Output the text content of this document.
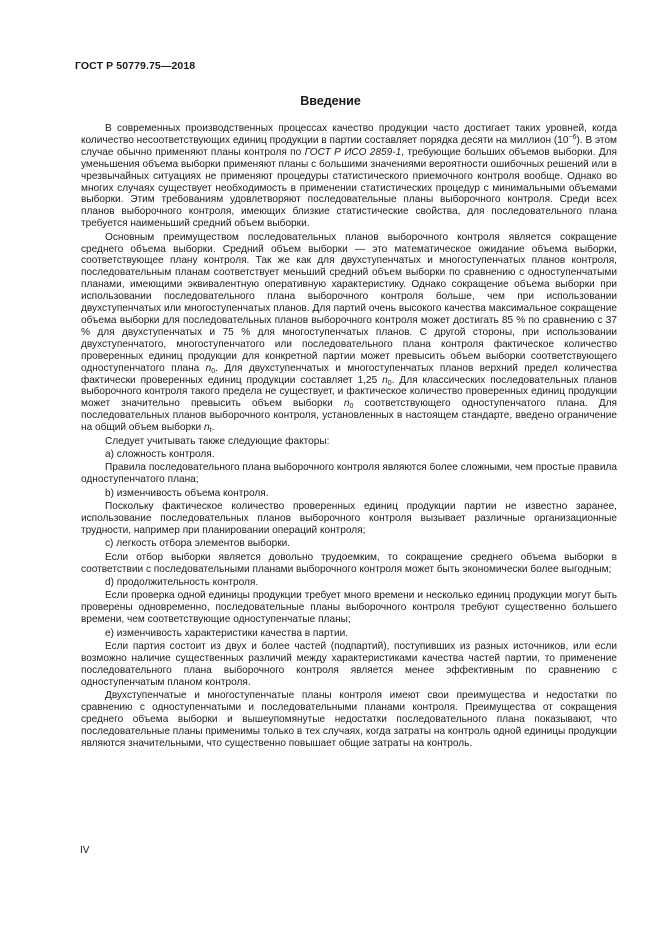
ГОСТ Р 50779.75—2018
Введение

В современных производственных процессах качество продукции часто достигает таких уровней, когда количество несоответствующих единиц продукции в партии составляет порядка десяти на миллион $(10^{-6})$. В этом случае обычно применяют планы контроля по ГОСТ Р ИСО 2859-1, требующие больших объемов выборки. Для уменьшения объема выборки применяют планы с большими значениями вероятности ошибочных решений или в чрезвычайных ситуациях не применяют процедуры статистического приемочного контроля вообще. Однако во многих случаях существует необходимость в применении статистических процедур с минимальными объемами выборки. Этим требованиям удовлетворяют последовательные планы выборочного контроля. Среди всех планов выборочного контроля, имеющих близкие статистические свойства, для последовательного плана требуется наименьший средний объем выборки.

Основным преимуществом последовательных планов выборочного контроля является сокращение среднего объема выборки. Средний объем выборки — это математическое ожидание объема выборки, соответствующее плану контроля. Так же как для двухступенчатых и многоступенчатых планов контроля, последовательным планам соответствует меньший средний объем выборки по сравнению с одноступенчатыми планами, имеющими эквивалентную оперативную характеристику. Однако сокращение объема выборки при использовании последовательного плана выборочного контроля больше, чем при использовании двухступенчатых или многоступенчатых планов. Для партий очень высокого качества максимальное сокращение объема выборки для последовательных планов выборочного контроля может достигать 85 % по сравнению с 37 % для двухступенчатых и 75 % для многоступенчатых планов. С другой стороны, при использовании двухступенчатого, многоступенчатого или последовательного плана контроля фактическое количество проверенных единиц продукции для конкретной партии может превысить объем выборки соответствующего одноступенчатого плана $n_0$. Для двухступенчатых и многоступенчатых планов верхний предел количества фактически проверенных единиц продукции составляет 1,25 $n_0$. Для классических последовательных планов выборочного контроля такого предела не существует, и фактическое количество проверенных единиц продукции может значительно превысить объем выборки $n_0$ соответствующего одноступенчатого плана. Для последовательных планов выборочного контроля, установленных в настоящем стандарте, введено ограничение на общий объем выборки $n_t$.

Следует учитывать также следующие факторы:

a) сложность контроля.

Правила последовательного плана выборочного контроля являются более сложными, чем простые правила одноступенчатого плана;

b) изменчивость объема контроля.

Поскольку фактическое количество проверенных единиц продукции партии не известно заранее, использование последовательных планов выборочного контроля вызывает различные организационные трудности, например при планировании операций контроля;

c) легкость отбора элементов выборки.

Если отбор выборки является довольно трудоемким, то сокращение среднего объема выборки в соответствии с последовательными планами выборочного контроля может быть экономически более выгодным;

d) продолжительность контроля.

Если проверка одной единицы продукции требует много времени и несколько единиц продукции могут быть проверены одновременно, последовательные планы выборочного контроля требуют существенно большего времени, чем соответствующие одноступенчатые планы;

e) изменчивость характеристики качества в партии.

Если партия состоит из двух и более частей (подпартий), поступивших из разных источников, или если возможно наличие существенных различий между характеристиками качества частей партии, то применение последовательного плана выборочного контроля является менее эффективным по сравнению с одноступенчатым планом контроля.

Двухступенчатые и многоступенчатые планы контроля имеют свои преимущества и недостатки по сравнению с одноступенчатыми и последовательными планами контроля. Преимущества от сокращения среднего объема выборки и вышеупомянутые недостатки последовательного плана показывают, что последовательные планы применимы только в тех случаях, когда затраты на контроль одной единицы продукции являются значительными, что существенно повышает общие затраты на контроль.

IV
